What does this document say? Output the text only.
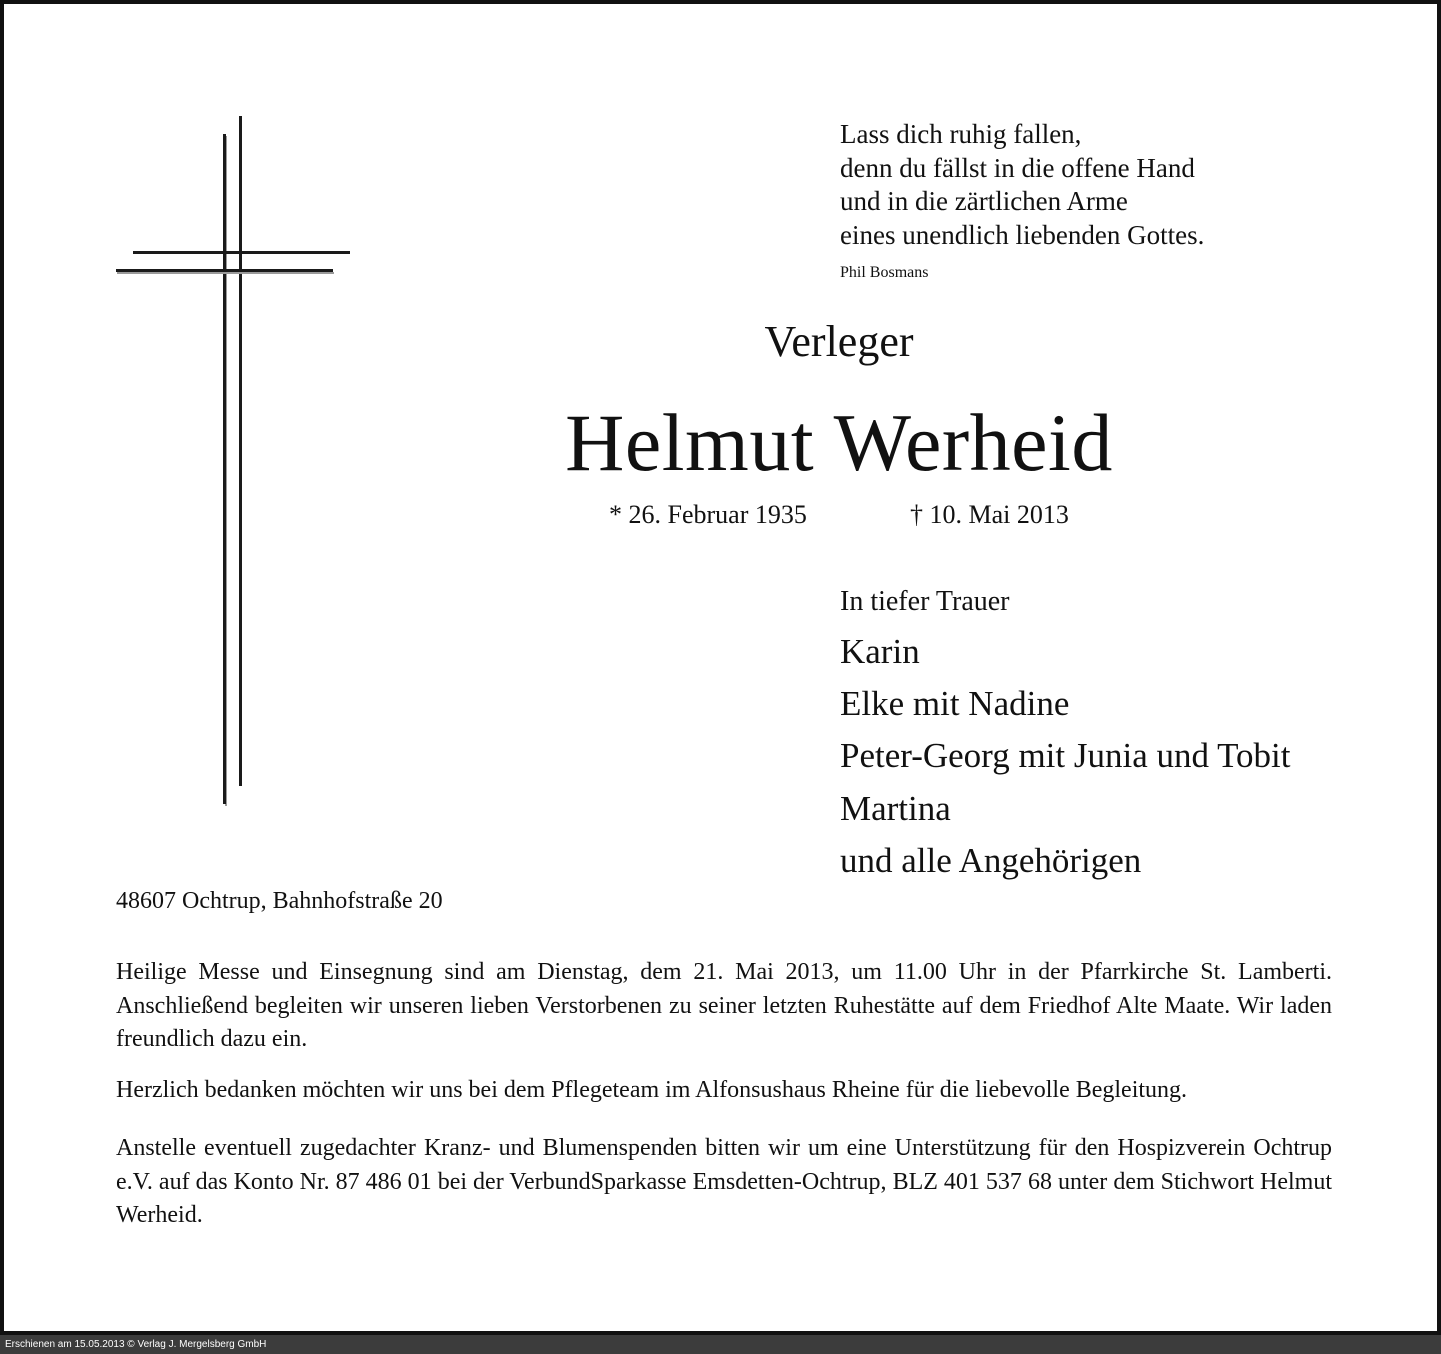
Lass dich ruhig fallen,
denn du fällst in die offene Hand
und in die zärtlichen Arme
eines unendlich liebenden Gottes.
Phil Bosmans
Verleger
Helmut Werheid
* 26. Februar 1935	† 10. Mai 2013
In tiefer Trauer
Karin
Elke mit Nadine
Peter-Georg mit Junia und Tobit
Martina
und alle Angehörigen
48607 Ochtrup, Bahnhofstraße 20
Heilige Messe und Einsegnung sind am Dienstag, dem 21. Mai 2013, um 11.00 Uhr in der Pfarrkirche St. Lamberti. Anschließend begleiten wir unseren lieben Verstorbenen zu seiner letzten Ruhestätte auf dem Friedhof Alte Maate. Wir laden freundlich dazu ein.
Herzlich bedanken möchten wir uns bei dem Pflegeteam im Alfonsushaus Rheine für die liebevolle Begleitung.
Anstelle eventuell zugedachter Kranz- und Blumenspenden bitten wir um eine Unterstützung für den Hospizverein Ochtrup e.V. auf das Konto Nr. 87 486 01 bei der VerbundSparkasse Emsdetten-Ochtrup, BLZ 401 537 68 unter dem Stichwort Helmut Werheid.
Erschienen am 15.05.2013 © Verlag J. Mergelsberg GmbH
